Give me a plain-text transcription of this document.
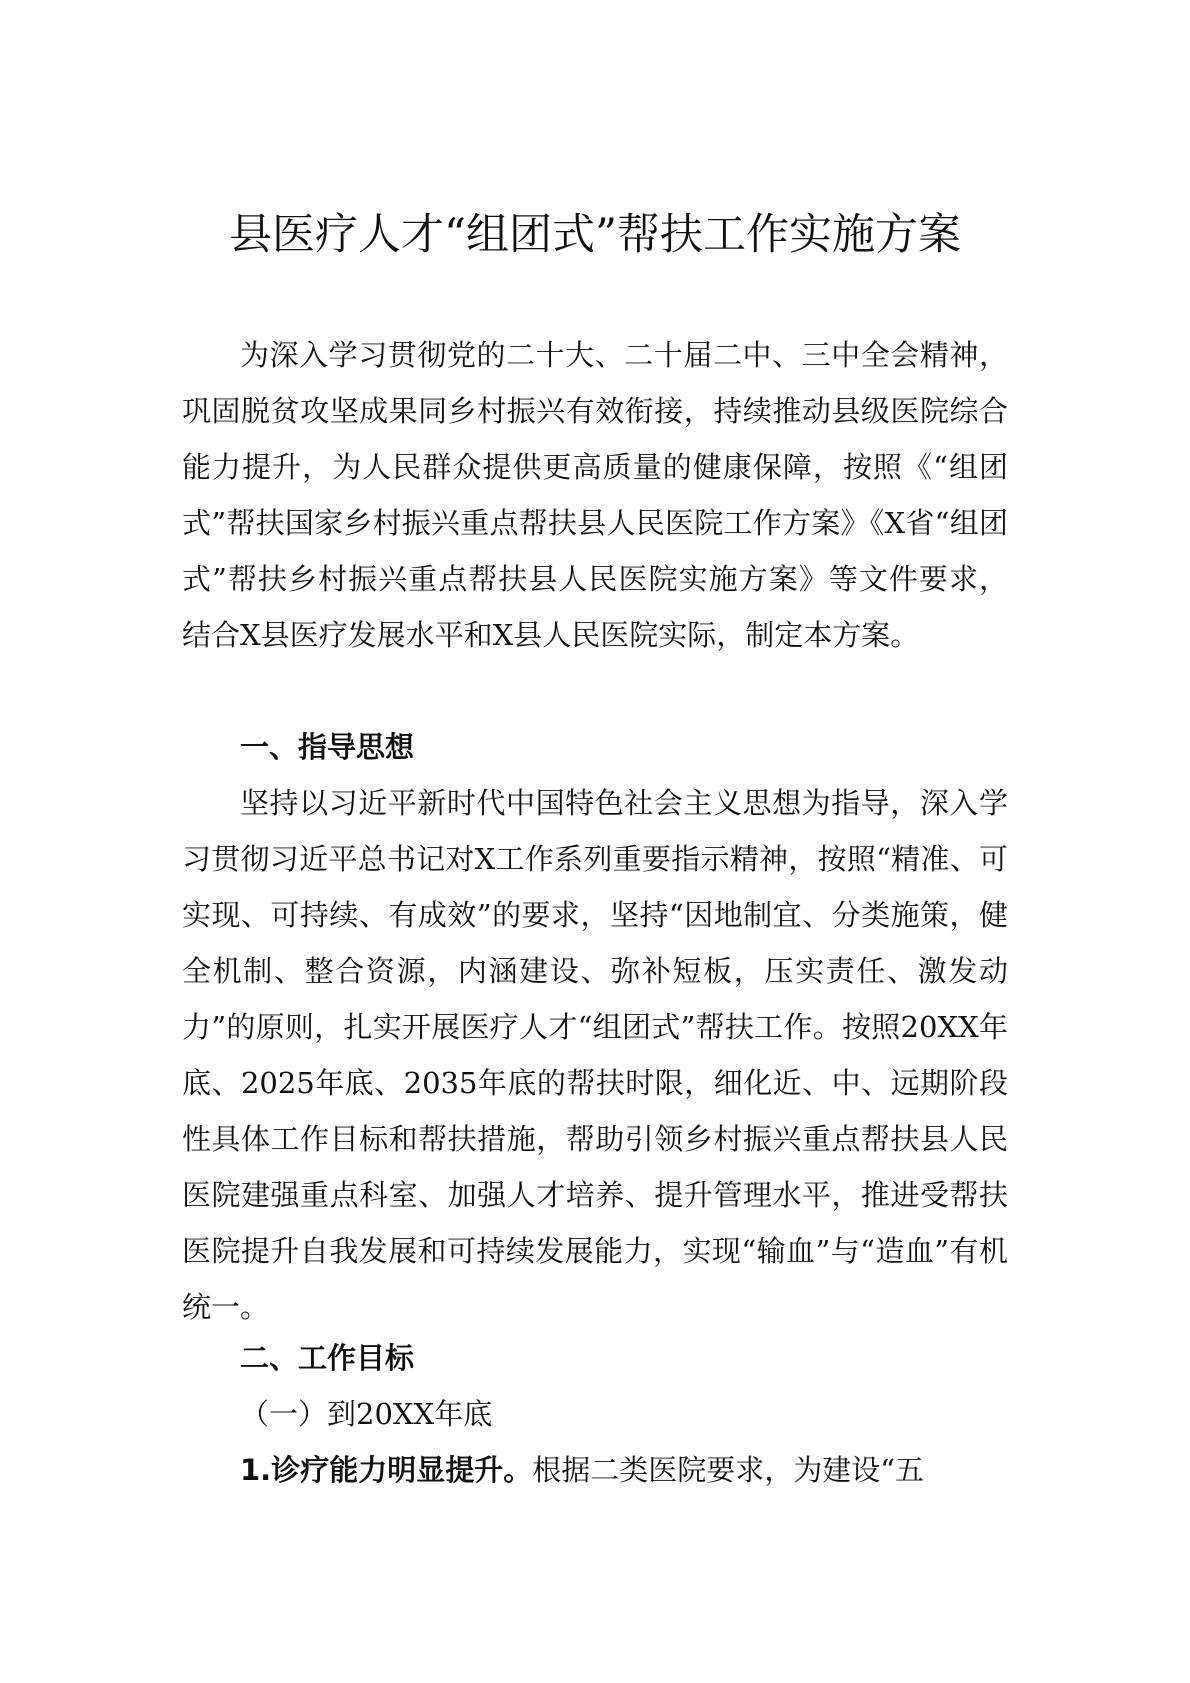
县医疗人才“组团式”帮扶工作实施方案

为深入学习贯彻党的二十大、二十届二中、三中全会精神，巩固脱贫攻坚成果同乡村振兴有效衔接，持续推动县级医院综合能力提升，为人民群众提供更高质量的健康保障，按照《“组团式”帮扶国家乡村振兴重点帮扶县人民医院工作方案》《X省“组团式”帮扶乡村振兴重点帮扶县人民医院实施方案》等文件要求，结合X县医疗发展水平和X县人民医院实际，制定本方案。

一、指导思想

坚持以习近平新时代中国特色社会主义思想为指导，深入学习贯彻习近平总书记对X工作系列重要指示精神，按照“精准、可实现、可持续、有成效”的要求，坚持“因地制宜、分类施策，健全机制、整合资源，内涵建设、弥补短板，压实责任、激发动力”的原则，扎实开展医疗人才“组团式”帮扶工作。按照20XX年底、2025年底、2035年底的帮扶时限，细化近、中、远期阶段性具体工作目标和帮扶措施，帮助引领乡村振兴重点帮扶县人民医院建强重点科室、加强人才培养、提升管理水平，推进受帮扶医院提升自我发展和可持续发展能力，实现“输血”与“造血”有机统一。

二、工作目标

（一）到20XX年底

1.诊疗能力明显提升。根据二类医院要求，为建设“五
